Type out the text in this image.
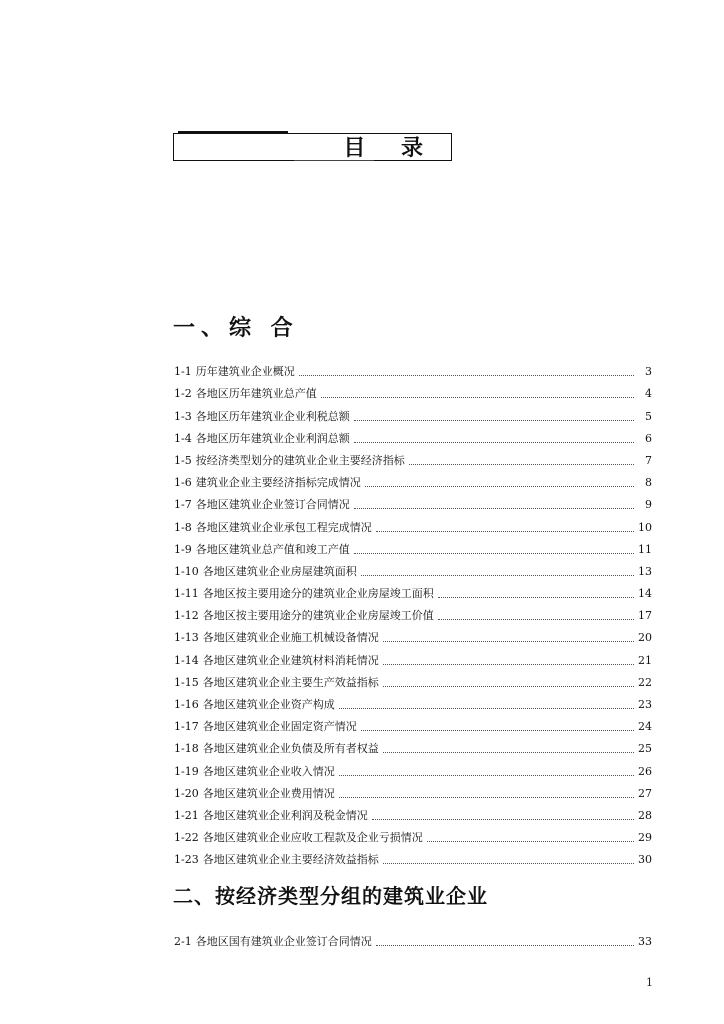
目 录
一、综 合
1-1 历年建筑业企业概况	3
1-2 各地区历年建筑业总产值	4
1-3 各地区历年建筑业企业利税总额	5
1-4 各地区历年建筑业企业利润总额	6
1-5 按经济类型划分的建筑业企业主要经济指标	7
1-6 建筑业企业主要经济指标完成情况	8
1-7 各地区建筑业企业签订合同情况	9
1-8 各地区建筑业企业承包工程完成情况	10
1-9 各地区建筑业总产值和竣工产值	11
1-10 各地区建筑业企业房屋建筑面积	13
1-11 各地区按主要用途分的建筑业企业房屋竣工面积	14
1-12 各地区按主要用途分的建筑业企业房屋竣工价值	17
1-13 各地区建筑业企业施工机械设备情况	20
1-14 各地区建筑业企业建筑材料消耗情况	21
1-15 各地区建筑业企业主要生产效益指标	22
1-16 各地区建筑业企业资产构成	23
1-17 各地区建筑业企业固定资产情况	24
1-18 各地区建筑业企业负债及所有者权益	25
1-19 各地区建筑业企业收入情况	26
1-20 各地区建筑业企业费用情况	27
1-21 各地区建筑业企业利润及税金情况	28
1-22 各地区建筑业企业应收工程款及企业亏损情况	29
1-23 各地区建筑业企业主要经济效益指标	30
二、按经济类型分组的建筑业企业
2-1 各地区国有建筑业企业签订合同情况	33
1
